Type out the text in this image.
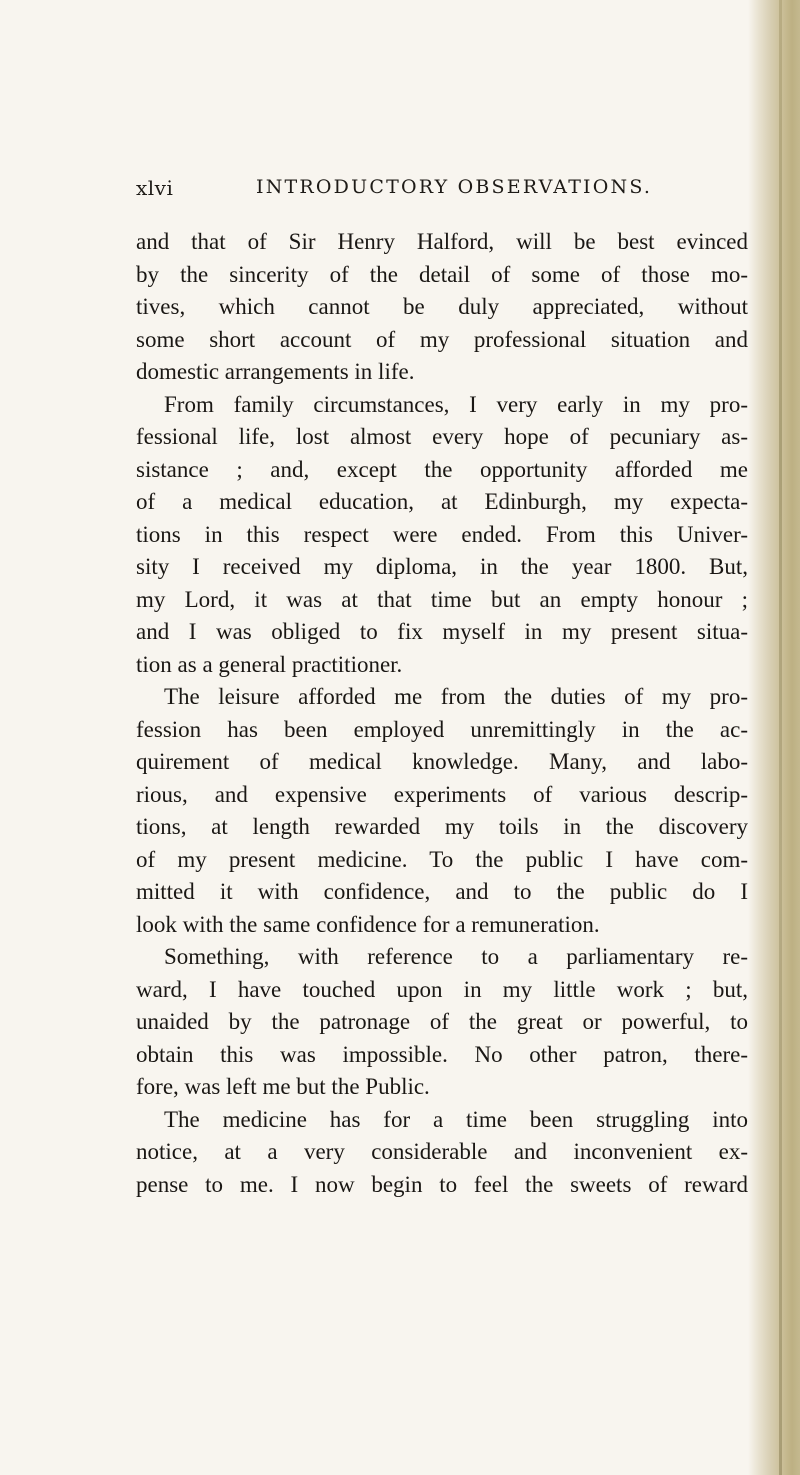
xlvi	INTRODUCTORY OBSERVATIONS.
and that of Sir Henry Halford, will be best evinced
by the sincerity of the detail of some of those mo-
tives, which cannot be duly appreciated, without
some short account of my professional situation and
domestic arrangements in life.
From family circumstances, I very early in my pro-
fessional life, lost almost every hope of pecuniary as-
sistance ; and, except the opportunity afforded me
of a medical education, at Edinburgh, my expecta-
tions in this respect were ended. From this Univer-
sity I received my diploma, in the year 1800. But,
my Lord, it was at that time but an empty honour ;
and I was obliged to fix myself in my present situa-
tion as a general practitioner.
The leisure afforded me from the duties of my pro-
fession has been employed unremittingly in the ac-
quirement of medical knowledge. Many, and labo-
rious, and expensive experiments of various descrip-
tions, at length rewarded my toils in the discovery
of my present medicine. To the public I have com-
mitted it with confidence, and to the public do I
look with the same confidence for a remuneration.
Something, with reference to a parliamentary re-
ward, I have touched upon in my little work ; but,
unaided by the patronage of the great or powerful, to
obtain this was impossible. No other patron, there-
fore, was left me but the Public.
The medicine has for a time been struggling into
notice, at a very considerable and inconvenient ex-
pense to me. I now begin to feel the sweets of reward
